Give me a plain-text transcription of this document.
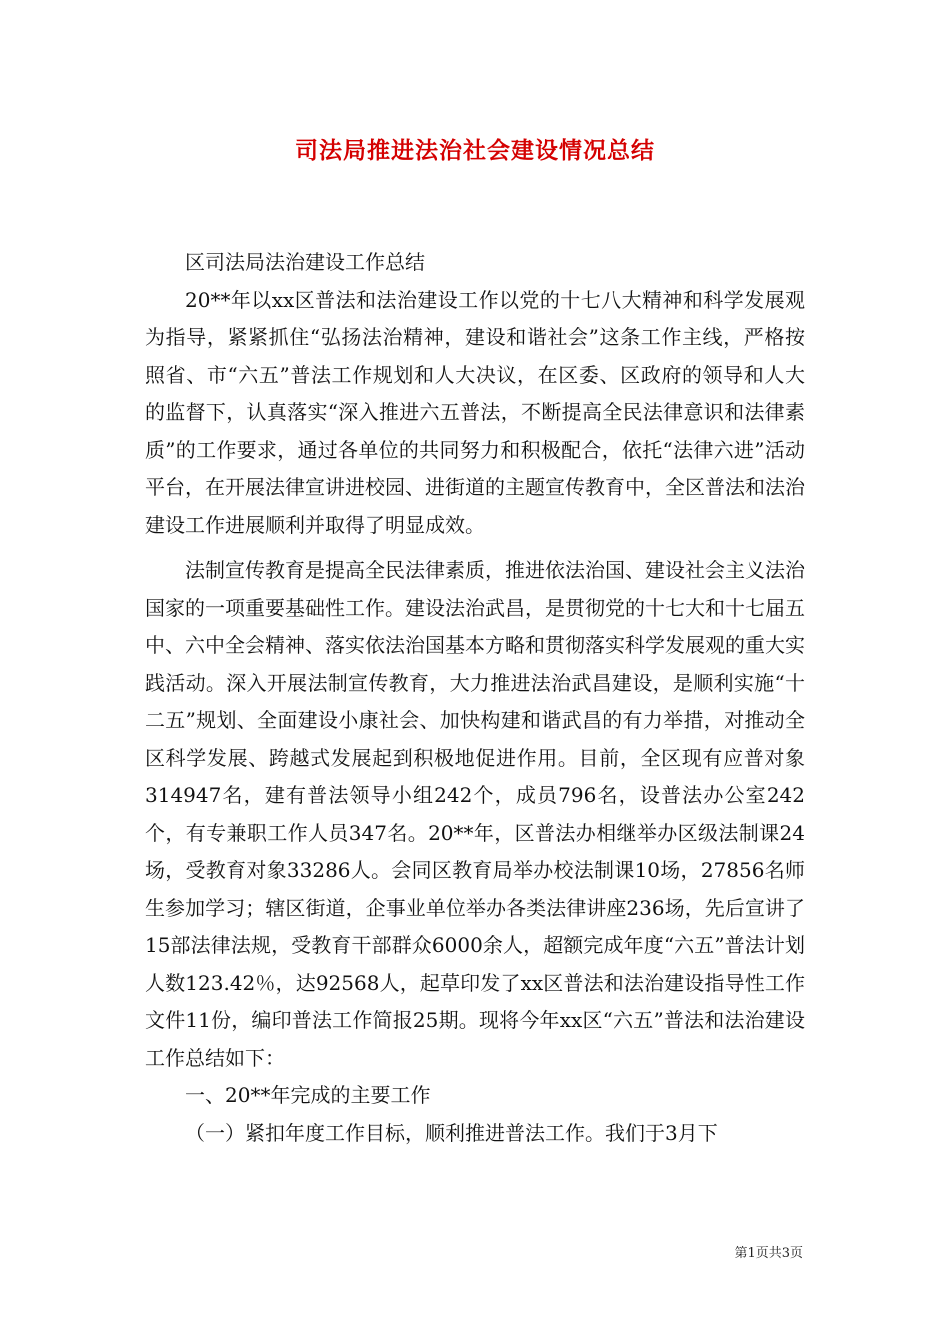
司法局推进法治社会建设情况总结

区司法局法治建设工作总结

20**年以xx区普法和法治建设工作以党的十七八大精神和科学发展观为指导，紧紧抓住“弘扬法治精神，建设和谐社会”这条工作主线，严格按照省、市“六五”普法工作规划和人大决议，在区委、区政府的领导和人大的监督下，认真落实“深入推进六五普法，不断提高全民法律意识和法律素质”的工作要求，通过各单位的共同努力和积极配合，依托“法律六进”活动平台，在开展法律宣讲进校园、进街道的主题宣传教育中，全区普法和法治建设工作进展顺利并取得了明显成效。

法制宣传教育是提高全民法律素质，推进依法治国、建设社会主义法治国家的一项重要基础性工作。建设法治武昌，是贯彻党的十七大和十七届五中、六中全会精神、落实依法治国基本方略和贯彻落实科学发展观的重大实践活动。深入开展法制宣传教育，大力推进法治武昌建设，是顺利实施“十二五”规划、全面建设小康社会、加快构建和谐武昌的有力举措，对推动全区科学发展、跨越式发展起到积极地促进作用。目前，全区现有应普对象314947名，建有普法领导小组242个，成员796名，设普法办公室242个，有专兼职工作人员347名。20**年，区普法办相继举办区级法制课24场，受教育对象33286人。会同区教育局举办校法制课10场，27856名师生参加学习；辖区街道，企事业单位举办各类法律讲座236场，先后宣讲了15部法律法规，受教育干部群众6000余人，超额完成年度“六五”普法计划人数123.42％，达92568人，起草印发了xx区普法和法治建设指导性工作文件11份，编印普法工作简报25期。现将今年xx区“六五”普法和法治建设工作总结如下：

一、20**年完成的主要工作

（一）紧扣年度工作目标，顺利推进普法工作。我们于3月下

第1页共3页
